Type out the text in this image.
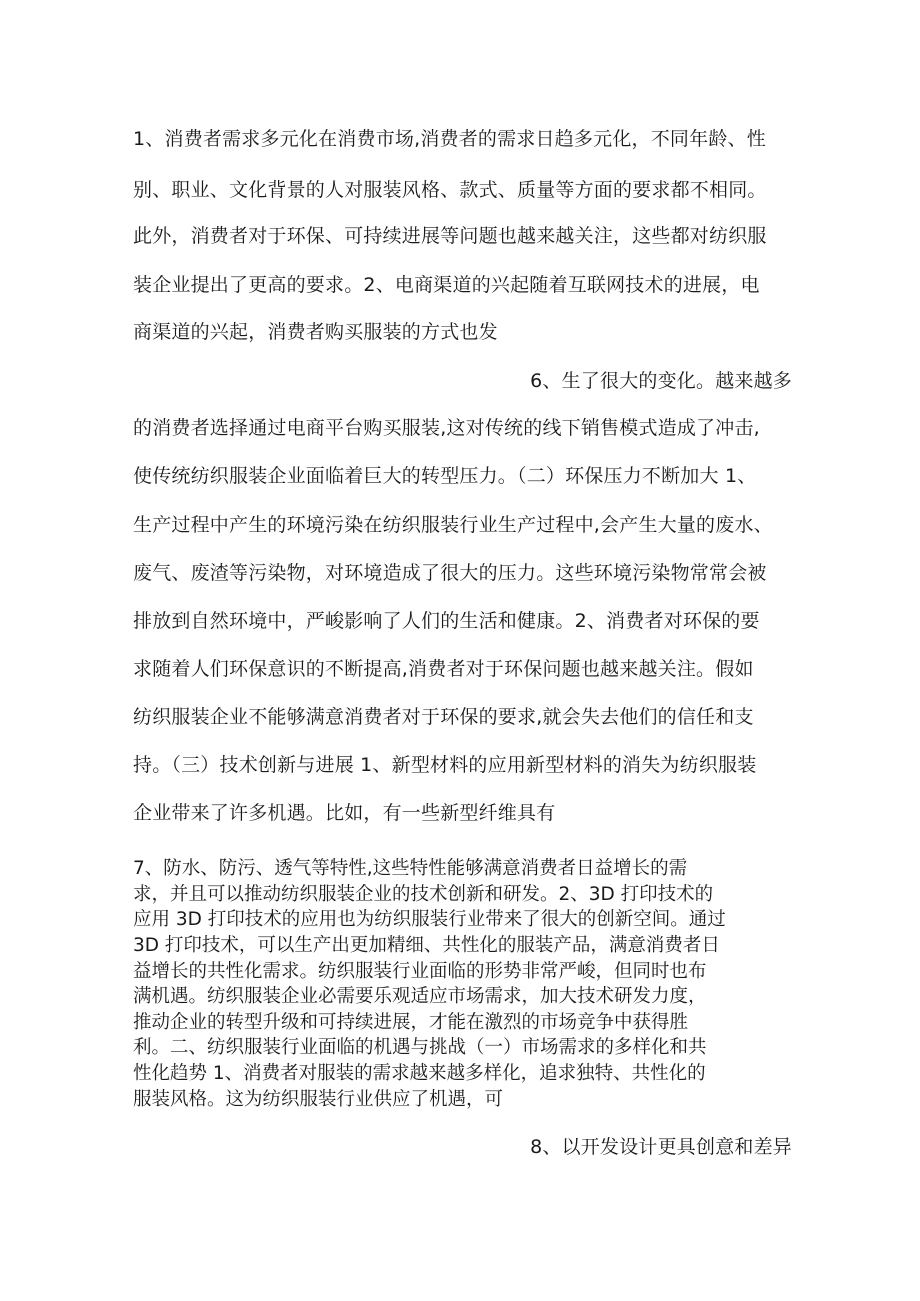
1、消费者需求多元化在消费市场,消费者的需求日趋多元化，不同年龄、性
别、职业、文化背景的人对服装风格、款式、质量等方面的要求都不相同。
此外，消费者对于环保、可持续进展等问题也越来越关注，这些都对纺织服
装企业提出了更高的要求。2、电商渠道的兴起随着互联网技术的进展，电
商渠道的兴起，消费者购买服装的方式也发
6、生了很大的变化。越来越多
的消费者选择通过电商平台购买服装,这对传统的线下销售模式造成了冲击,
使传统纺织服装企业面临着巨大的转型压力。（二）环保压力不断加大 1、
生产过程中产生的环境污染在纺织服装行业生产过程中,会产生大量的废水、
废气、废渣等污染物，对环境造成了很大的压力。这些环境污染物常常会被
排放到自然环境中，严峻影响了人们的生活和健康。2、消费者对环保的要
求随着人们环保意识的不断提高,消费者对于环保问题也越来越关注。假如
纺织服装企业不能够满意消费者对于环保的要求,就会失去他们的信任和支
持。（三）技术创新与进展 1、新型材料的应用新型材料的消失为纺织服装
企业带来了许多机遇。比如，有一些新型纤维具有
7、防水、防污、透气等特性,这些特性能够满意消费者日益增长的需
求，并且可以推动纺织服装企业的技术创新和研发。2、3D 打印技术的
应用 3D 打印技术的应用也为纺织服装行业带来了很大的创新空间。通过
3D 打印技术，可以生产出更加精细、共性化的服装产品，满意消费者日
益增长的共性化需求。纺织服装行业面临的形势非常严峻，但同时也布
满机遇。纺织服装企业必需要乐观适应市场需求，加大技术研发力度，
推动企业的转型升级和可持续进展，才能在激烈的市场竞争中获得胜
利。二、纺织服装行业面临的机遇与挑战（一）市场需求的多样化和共
性化趋势 1、消费者对服装的需求越来越多样化，追求独特、共性化的
服装风格。这为纺织服装行业供应了机遇，可
8、以开发设计更具创意和差异
